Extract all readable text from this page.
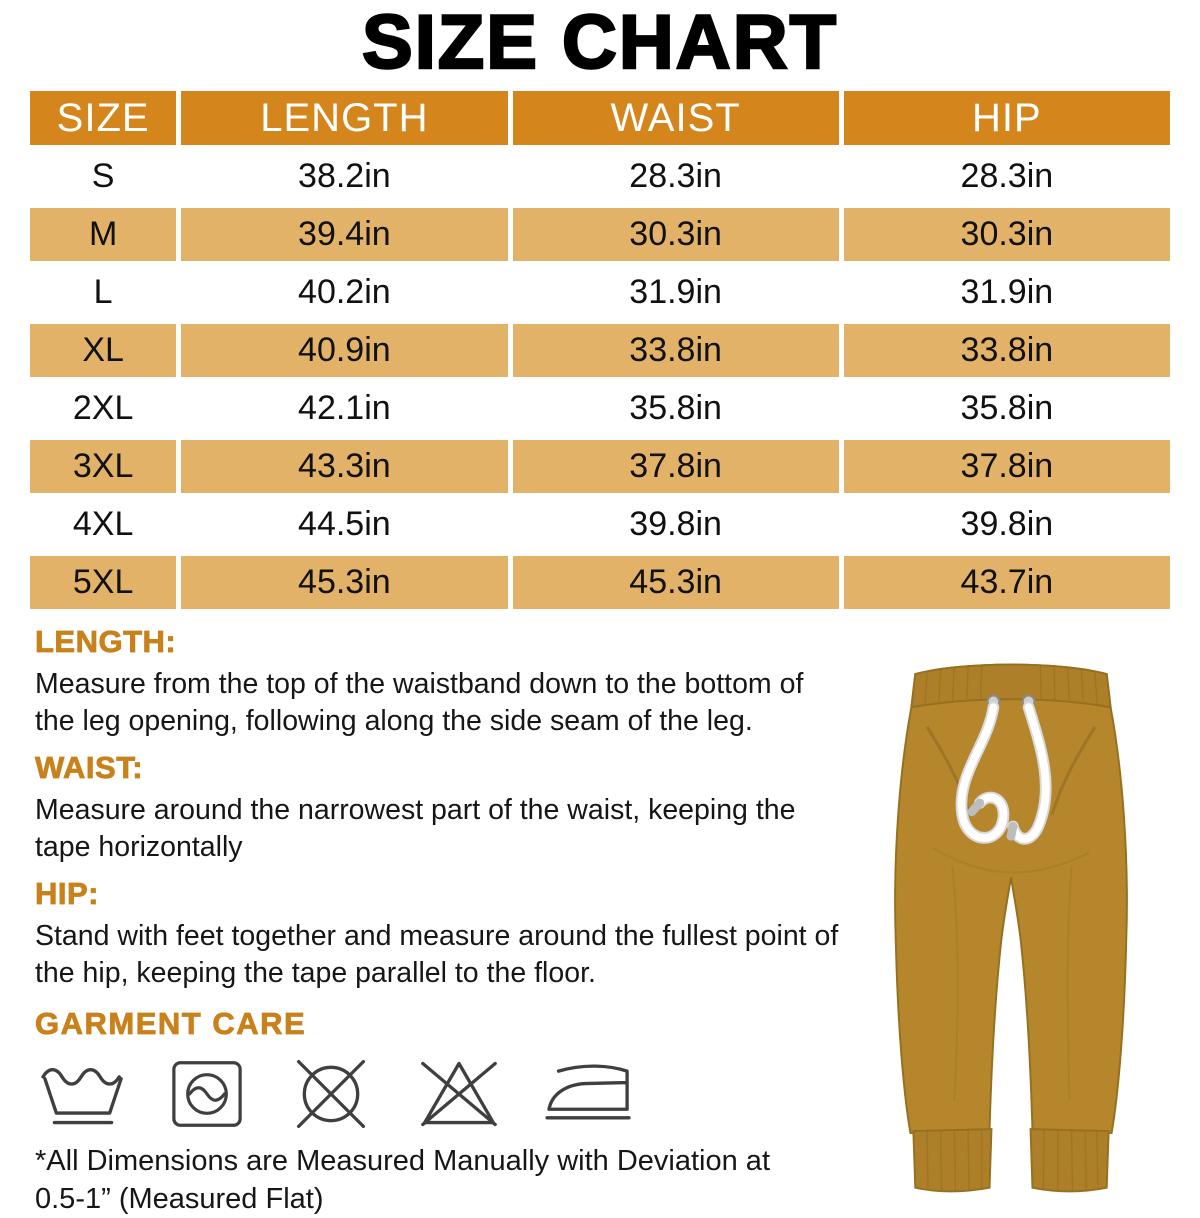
SIZE CHART
SIZE	LENGTH	WAIST	HIP
S	38.2in	28.3in	28.3in
M	39.4in	30.3in	30.3in
L	40.2in	31.9in	31.9in
XL	40.9in	33.8in	33.8in
2XL	42.1in	35.8in	35.8in
3XL	43.3in	37.8in	37.8in
4XL	44.5in	39.8in	39.8in
5XL	45.3in	45.3in	43.7in
LENGTH:
Measure from the top of the waistband down to the bottom of the leg opening, following along the side seam of the leg.
WAIST:
Measure around the narrowest part of the waist, keeping the tape horizontally
HIP:
Stand with feet together and measure around the fullest point of the hip, keeping the tape parallel to the floor.
GARMENT CARE
*All Dimensions are Measured Manually with Deviation at 0.5-1” (Measured Flat)
